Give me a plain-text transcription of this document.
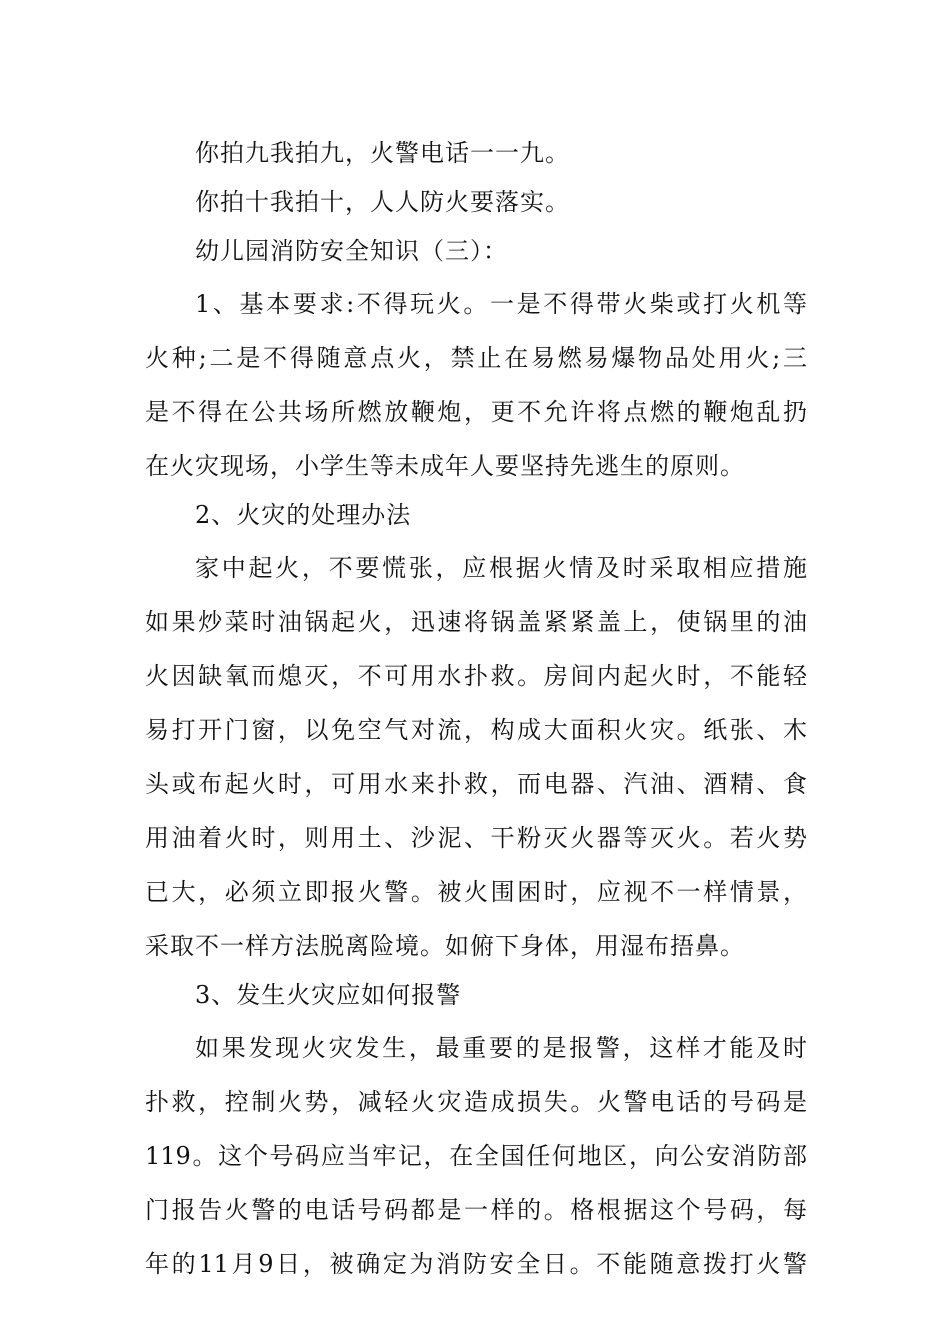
你拍九我拍九，火警电话一一九。
你拍十我拍十，人人防火要落实。
幼儿园消防安全知识（三）：
1、基本要求:不得玩火。一是不得带火柴或打火机等
火种;二是不得随意点火，禁止在易燃易爆物品处用火;三
是不得在公共场所燃放鞭炮，更不允许将点燃的鞭炮乱扔
在火灾现场，小学生等未成年人要坚持先逃生的原则。
2、火灾的处理办法
家中起火，不要慌张，应根据火情及时采取相应措施
如果炒菜时油锅起火，迅速将锅盖紧紧盖上，使锅里的油
火因缺氧而熄灭，不可用水扑救。房间内起火时，不能轻
易打开门窗，以免空气对流，构成大面积火灾。纸张、木
头或布起火时，可用水来扑救，而电器、汽油、酒精、食
用油着火时，则用土、沙泥、干粉灭火器等灭火。若火势
已大，必须立即报火警。被火围困时，应视不一样情景，
采取不一样方法脱离险境。如俯下身体，用湿布捂鼻。
3、发生火灾应如何报警
如果发现火灾发生，最重要的是报警，这样才能及时
扑救，控制火势，减轻火灾造成损失。火警电话的号码是
119。这个号码应当牢记，在全国任何地区，向公安消防部
门报告火警的电话号码都是一样的。格根据这个号码，每
年的11月9日，被确定为消防安全日。不能随意拨打火警
